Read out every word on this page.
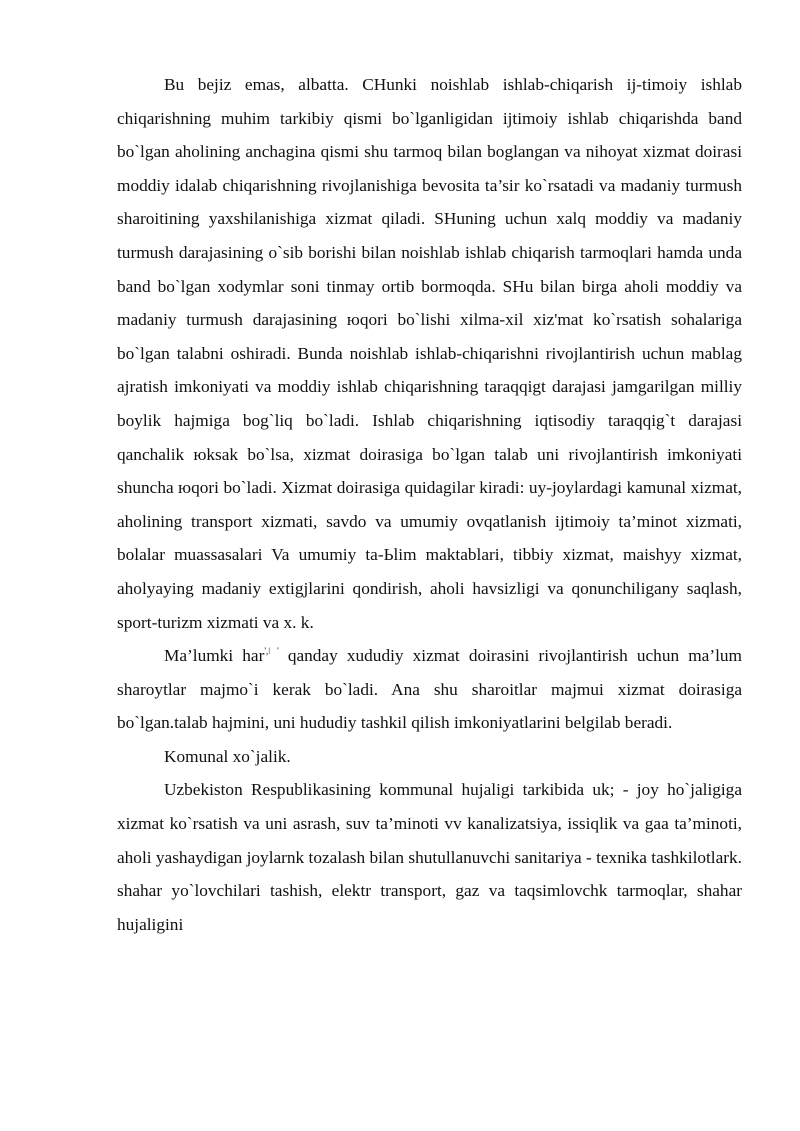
Bu bejiz emas, albatta. CHunki noishlab ishlab-chiqarish ij-timoiy ishlab chiqarishning muhim tarkibiy qismi bo`lganligidan ijtimoiy ishlab chiqarishda band bo`lgan aholining anchagina qismi shu tarmoq bilan boglangan va nihoyat xizmat doirasi moddiy idalab chiqarishning rivojlanishiga bevosita ta’sir ko`rsatadi va madaniy turmush sharoitining yaxshilanishiga xizmat qiladi. SHuning uchun xalq moddiy va madaniy turmush darajasining o`sib borishi bilan noishlab ishlab chiqarish tarmoqlari hamda unda band bo`lgan xodymlar soni tinmay ortib bormoqda. SHu bilan birga aholi moddiy va madaniy turmush darajasining юqori bo`lishi xilma-xil xiz'mat ko`rsatish sohalariga bo`lgan talabni oshiradi. Bunda noishlab ishlab-chiqarishni rivojlantirish uchun mablag ajratish imkoniyati va moddiy ishlab chiqarishning taraqqigt darajasi jamgarilgan milliy boylik hajmiga bog`liq bo`ladi. Ishlab chiqarishning iqtisodiy taraqqig`t darajasi qanchalik юksak bo`lsa, xizmat doirasiga bo`lgan talab uni rivojlantirish imkoniyati shuncha юqori bo`ladi. Xizmat doirasiga quidagilar kiradi: uy-joylardagi kamunal xizmat, aholining transport xizmati, savdo va umumiy ovqatlanish ijtimoiy ta’minot xizmati, bolalar muassasalari Va umumiy ta-Ьlim maktablari, tibbiy xizmat, maishyy xizmat, aholyaying madaniy extigjlarini qondirish, aholi havsizligi va qonunchiligany saqlash, sport-turizm xizmati va x. k.

Ma’lumki har$^{',ǀ '}$ qanday xududiy xizmat doirasini rivojlantirish uchun ma’lum sharoytlar majmo`i kerak bo`ladi. Ana shu sharoitlar majmui xizmat doirasiga bo`lgan.talab hajmini, uni hududiy tashkil qilish imkoniyatlarini belgilab beradi.

Komunal xo`jalik.

Uzbekiston Respublikasining kommunal hujaligi tarkibida uk; - joy ho`jaligiga xizmat ko`rsatish va uni asrash, suv ta’minoti vv kanalizatsiya, issiqlik va gaa ta’minoti, aholi yashaydigan joylarnk tozalash bilan shutullanuvchi sanitariya - texnika tashkilotlark. shahar yo`lovchilari tashish, elektr transport, gaz va taqsimlovchk tarmoqlar, shahar hujaligini
